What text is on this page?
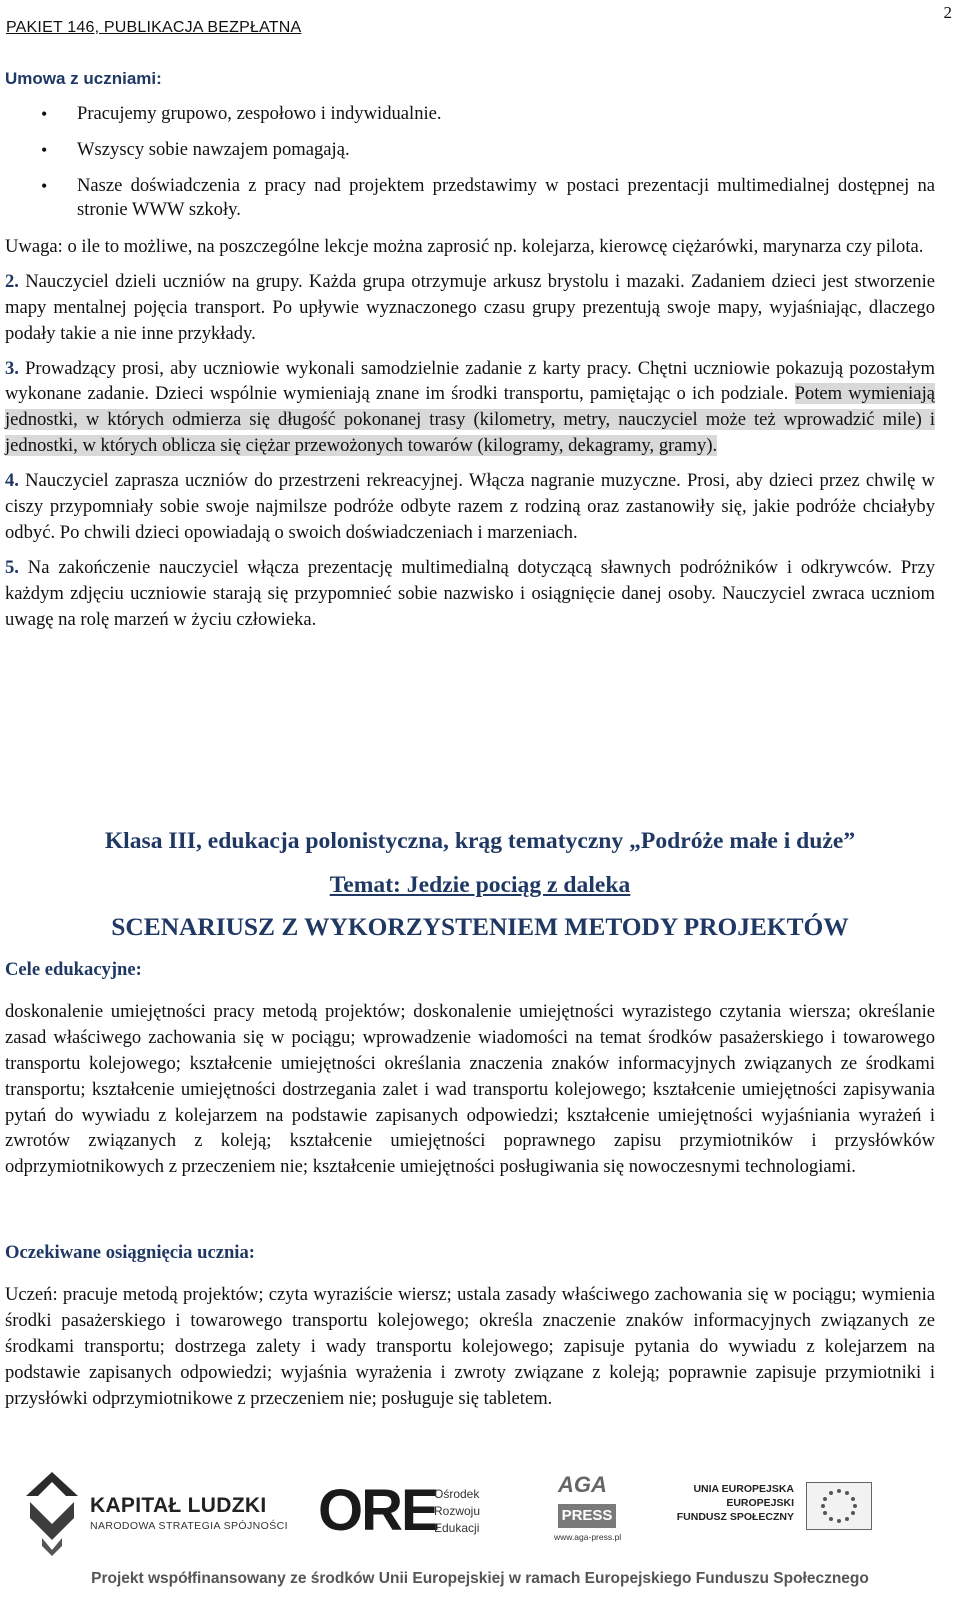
PAKIET 146, PUBLIKACJA BEZPŁATNA
2
Umowa z uczniami:
• Pracujemy grupowo, zespołowo i indywidualnie.
• Wszyscy sobie nawzajem pomagają.
• Nasze doświadczenia z pracy nad projektem przedstawimy w postaci prezentacji multimedialnej dostępnej na stronie WWW szkoły.

Uwaga: o ile to możliwe, na poszczególne lekcje można zaprosić np. kolejarza, kierowcę ciężarówki, marynarza czy pilota.

2. Nauczyciel dzieli uczniów na grupy. Każda grupa otrzymuje arkusz brystolu i mazaki. Zadaniem dzieci jest stworzenie mapy mentalnej pojęcia transport. Po upływie wyznaczonego czasu grupy prezentują swoje mapy, wyjaśniając, dlaczego podały takie a nie inne przykłady.

3. Prowadzący prosi, aby uczniowie wykonali samodzielnie zadanie z karty pracy. Chętni uczniowie pokazują pozostałym wykonane zadanie. Dzieci wspólnie wymieniają znane im środki transportu, pamiętając o ich podziale. Potem wymieniają jednostki, w których odmierza się długość pokonanej trasy (kilometry, metry, nauczyciel może też wprowadzić mile) i jednostki, w których oblicza się ciężar przewożonych towarów (kilogramy, dekagramy, gramy).

4. Nauczyciel zaprasza uczniów do przestrzeni rekreacyjnej. Włącza nagranie muzyczne. Prosi, aby dzieci przez chwilę w ciszy przypomniały sobie swoje najmilsze podróże odbyte razem z rodziną oraz zastanowiły się, jakie podróże chciałyby odbyć. Po chwili dzieci opowiadają o swoich doświadczeniach i marzeniach.

5. Na zakończenie nauczyciel włącza prezentację multimedialną dotyczącą sławnych podróżników i odkrywców. Przy każdym zdjęciu uczniowie starają się przypomnieć sobie nazwisko i osiągnięcie danej osoby. Nauczyciel zwraca uczniom uwagę na rolę marzeń w życiu człowieka.

Klasa III, edukacja polonistyczna, krąg tematyczny „Podróże małe i duże”
Temat: Jedzie pociąg z daleka
SCENARIUSZ Z WYKORZYSTENIEM METODY PROJEKTÓW
Cele edukacyjne:
doskonalenie umiejętności pracy metodą projektów; doskonalenie umiejętności wyrazistego czytania wiersza; określanie zasad właściwego zachowania się w pociągu; wprowadzenie wiadomości na temat środków pasażerskiego i towarowego transportu kolejowego; kształcenie umiejętności określania znaczenia znaków informacyjnych związanych ze środkami transportu; kształcenie umiejętności dostrzegania zalet i wad transportu kolejowego; kształcenie umiejętności zapisywania pytań do wywiadu z kolejarzem na podstawie zapisanych odpowiedzi; kształcenie umiejętności wyjaśniania wyrażeń i zwrotów związanych z koleją; kształcenie umiejętności poprawnego zapisu przymiotników i przysłówków odprzymiotnikowych z przeczeniem nie; kształcenie umiejętności posługiwania się nowoczesnymi technologiami.
Oczekiwane osiągnięcia ucznia:
Uczeń: pracuje metodą projektów; czyta wyraziście wiersz; ustala zasady właściwego zachowania się w pociągu; wymienia środki pasażerskiego i towarowego transportu kolejowego; określa znaczenie znaków informacyjnych związanych ze środkami transportu; dostrzega zalety i wady transportu kolejowego; zapisuje pytania do wywiadu z kolejarzem na podstawie zapisanych odpowiedzi; wyjaśnia wyrażenia i zwroty związane z koleją; poprawnie zapisuje przymiotniki i przysłówki odprzymiotnikowe z przeczeniem nie; posługuje się tabletem.
KAPITAŁ LUDZKI
NARODOWA STRATEGIA SPÓJNOŚCI ORE
Ośrodek
Rozwoju
Edukacji
AGA
PRESS
www.aga-press.pl
UNIA EUROPEJSKA
EUROPEJSKI
FUNDUSZ SPOŁECZNY
Projekt współfinansowany ze środków Unii Europejskiej w ramach Europejskiego Funduszu Społecznego
